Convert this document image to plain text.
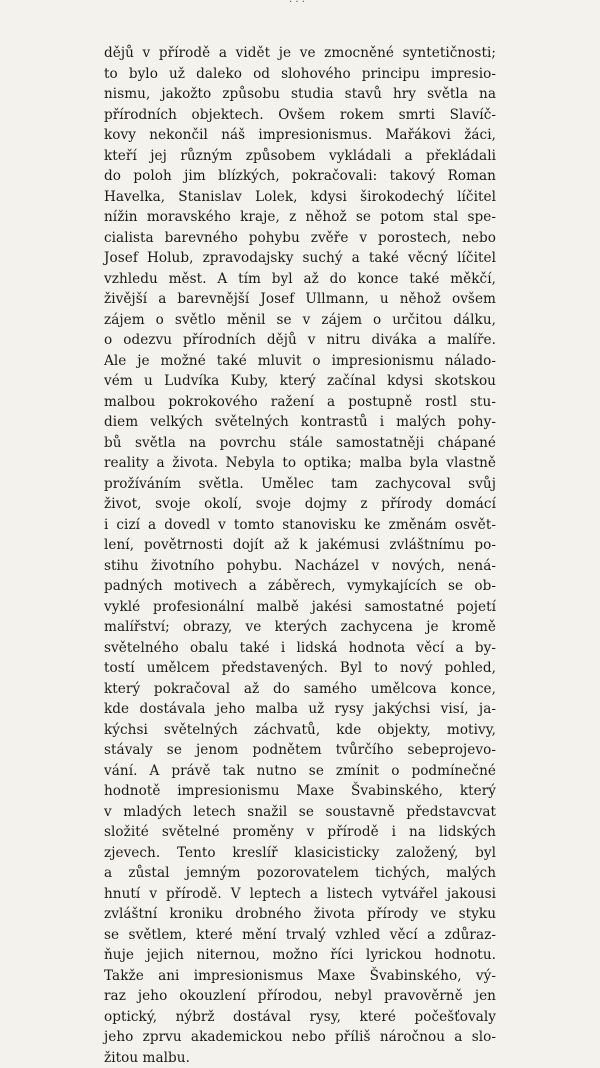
· · ·
dějů v přírodě a vidět je ve zmocněné syntetičnosti;
to bylo už daleko od slohového principu impresio-
nismu, jakožto způsobu studia stavů hry světla na
přírodních objektech. Ovšem rokem smrti Slavíč-
kovy nekončil náš impresionismus. Mařákovi žáci,
kteří jej různým způsobem vykládali a překládali
do poloh jim blízkých, pokračovali: takový Roman
Havelka, Stanislav Lolek, kdysi širokodechý líčitel
nížin moravského kraje, z něhož se potom stal spe-
cialista barevného pohybu zvěře v porostech, nebo
Josef Holub, zpravodajsky suchý a také věcný líčitel
vzhledu měst. A tím byl až do konce také měkčí,
živější a barevnější Josef Ullmann, u něhož ovšem
zájem o světlo měnil se v zájem o určitou dálku,
o odezvu přírodních dějů v nitru diváka a malíře.
Ale je možné také mluvit o impresionismu nálado-
vém u Ludvíka Kuby, který začínal kdysi skotskou
malbou pokrokového ražení a postupně rostl stu-
diem velkých světelných kontrastů i malých pohy-
bů světla na povrchu stále samostatněji chápané
reality a života. Nebyla to optika; malba byla vlastně
prožíváním světla. Umělec tam zachycoval svůj
život, svoje okolí, svoje dojmy z přírody domácí
i cizí a dovedl v tomto stanovisku ke změnám osvět-
lení, povětrnosti dojít až k jakémusi zvláštnímu po-
stihu životního pohybu. Nacházel v nových, nená-
padných motivech a záběrech, vymykajících se ob-
vyklé profesionální malbě jakési samostatné pojetí
malířství; obrazy, ve kterých zachycena je kromě
světelného obalu také i lidská hodnota věcí a by-
tostí umělcem představených. Byl to nový pohled,
který pokračoval až do samého umělcova konce,
kde dostávala jeho malba už rysy jakýchsi visí, ja-
kýchsi světelných záchvatů, kde objekty, motivy,
stávaly se jenom podnětem tvůrčího sebeprojevo-
vání. A právě tak nutno se zmínit o podmínečné
hodnotě impresionismu Maxe Švabinského, který
v mladých letech snažil se soustavně představcvat
složité světelné proměny v přírodě i na lidských
zjevech. Tento kreslíř klasicisticky založený, byl
a zůstal jemným pozorovatelem tichých, malých
hnutí v přírodě. V leptech a listech vytvářel jakousi
zvláštní kroniku drobného života přírody ve styku
se světlem, které mění trvalý vzhled věcí a zdůraz-
ňuje jejich niternou, možno říci lyrickou hodnotu.
Takže ani impresionismus Maxe Švabinského, vý-
raz jeho okouzlení přírodou, nebyl pravověrně jen
optický, nýbrž dostával rysy, které počešťovaly
jeho zprvu akademickou nebo příliš náročnou a slo-
žitou malbu.
